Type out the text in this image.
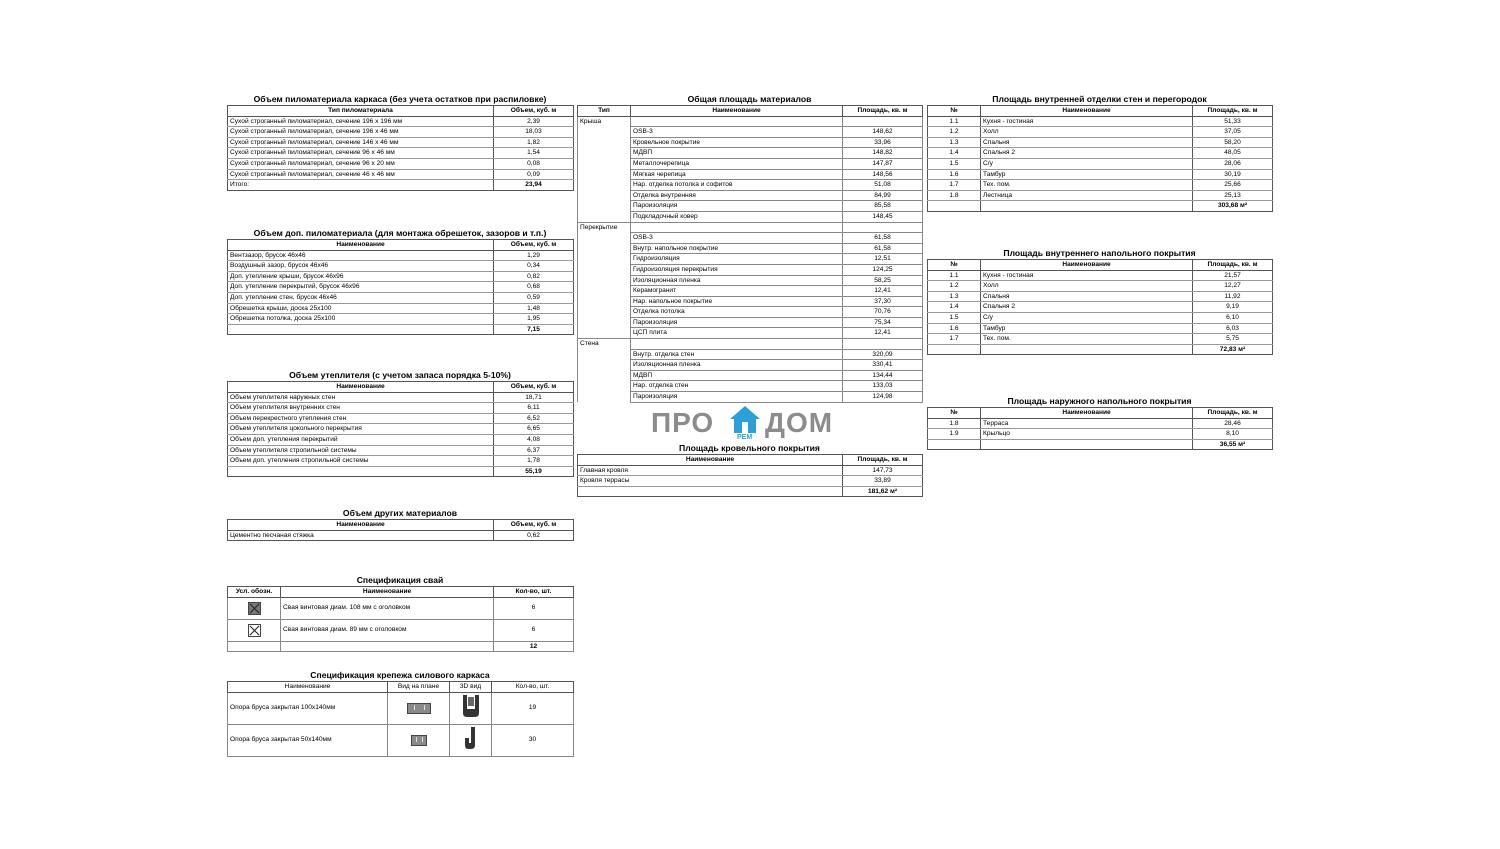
Объем пиломатериала каркаса (без учета остатков при распиловке)
Тип пиломатериала	Объем, куб. м
Сухой строганный пиломатериал, сечение 196 x 196 мм	2,39
Сухой строганный пиломатериал, сечение 196 x 46 мм	18,03
Сухой строганный пиломатериал, сечение 146 x 46 мм	1,82
Сухой строганный пиломатериал, сечение 96 x 46 мм	1,54
Сухой строганный пиломатериал, сечение 96 x 20 мм	0,08
Сухой строганный пиломатериал, сечение 46 x 46 мм	0,09
Итого:	23,94
Объем доп. пиломатериала (для монтажа обрешеток, зазоров и т.п.)
Наименование	Объем, куб. м
Вентзазор, брусок 46x46	1,29
Воздушный зазор, брусок 46x46	0,34
Доп. утепление крыши, брусок 46x96	0,82
Доп. утепление перекрытий, брусок 46x96	0,68
Доп. утепление стен, брусок 46x46	0,59
Обрешетка крыши, доска 25x100	1,48
Обрешетка потолка, доска 25x100	1,95
	7,15
Объем утеплителя (с учетом запаса порядка 5-10%)
Наименование	Объем, куб. м
Объем утеплителя наружных стен	18,71
Объем утеплителя внутренних стен	6,11
Объем перекрестного утепления стен	6,52
Объем утеплителя цокольного перекрытия	6,65
Объем доп. утепления перекрытий	4,08
Объем утеплителя стропильной системы	6,37
Объем доп. утепления стропильной системы	1,78
	55,19
Объем других материалов
Наименование	Объем, куб. м
Цементно песчаная стяжка	0,62
Спецификация свай
Усл. обозн.	Наименование	Кол-во, шт.
	Свая винтовая диам. 108 мм с оголовком	6
	Свая винтовая диам. 89 мм с оголовком	6
		12
Спецификация крепежа силового каркаса
Наименование	Вид на плане	3D вид	Кол-во, шт.
Опора бруса закрытая 100x140мм			19
Опора бруса закрытая 50x140мм			30
Общая площадь материалов
Тип	Наименование	Площадь, кв. м
Крыша		
	OSB-3	148,62
	Кровельное покрытие	33,96
	МДВП	148,82
	Металлочерепица	147,87
	Мягкая черепица	148,56
	Нар. отделка потолка и софитов	51,08
	Отделка внутренняя	84,99
	Пароизоляция	85,58
	Подкладочный ковер	148,45
Перекрытие		
	OSB-3	61,58
	Внутр. напольное покрытие	61,58
	Гидроизоляция	12,51
	Гидроизоляция перекрытия	124,25
	Изоляционная пленка	58,25
	Керамогранит	12,41
	Нар. напольное покрытие	37,30
	Отделка потолка	70,76
	Пароизоляция	75,34
	ЦСП плита	12,41
Стена		
	Внутр. отделка стен	320,09
	Изоляционная пленка	330,41
	МДВП	134,44
	Нар. отделка стен	133,03
	Пароизоляция	124,98
ПРО	РЕМ ДОМ
Площадь кровельного покрытия
Наименование	Площадь, кв. м
Главная кровля	147,73
Кровля террасы	33,89
	181,62 м²
Площадь внутренней отделки стен и перегородок
№	Наименование	Площадь, кв. м
1.1	Кухня - гостиная	51,33
1.2	Холл	37,05
1.3	Спальня	58,20
1.4	Спальня 2	48,05
1.5	С/у	28,06
1.6	Тамбур	30,19
1.7	Тех. пом.	25,66
1.8	Лестница	25,13
		303,68 м²
Площадь внутреннего напольного покрытия
№	Наименование	Площадь, кв. м
1.1	Кухня - гостиная	21,57
1.2	Холл	12,27
1.3	Спальня	11,92
1.4	Спальня 2	9,19
1.5	С/у	6,10
1.6	Тамбур	6,03
1.7	Тех. пом.	5,75
		72,83 м²
Площадь наружного напольного покрытия
№	Наименование	Площадь, кв. м
1.8	Терраса	28,46
1.9	Крыльцо	8,10
		36,55 м²
